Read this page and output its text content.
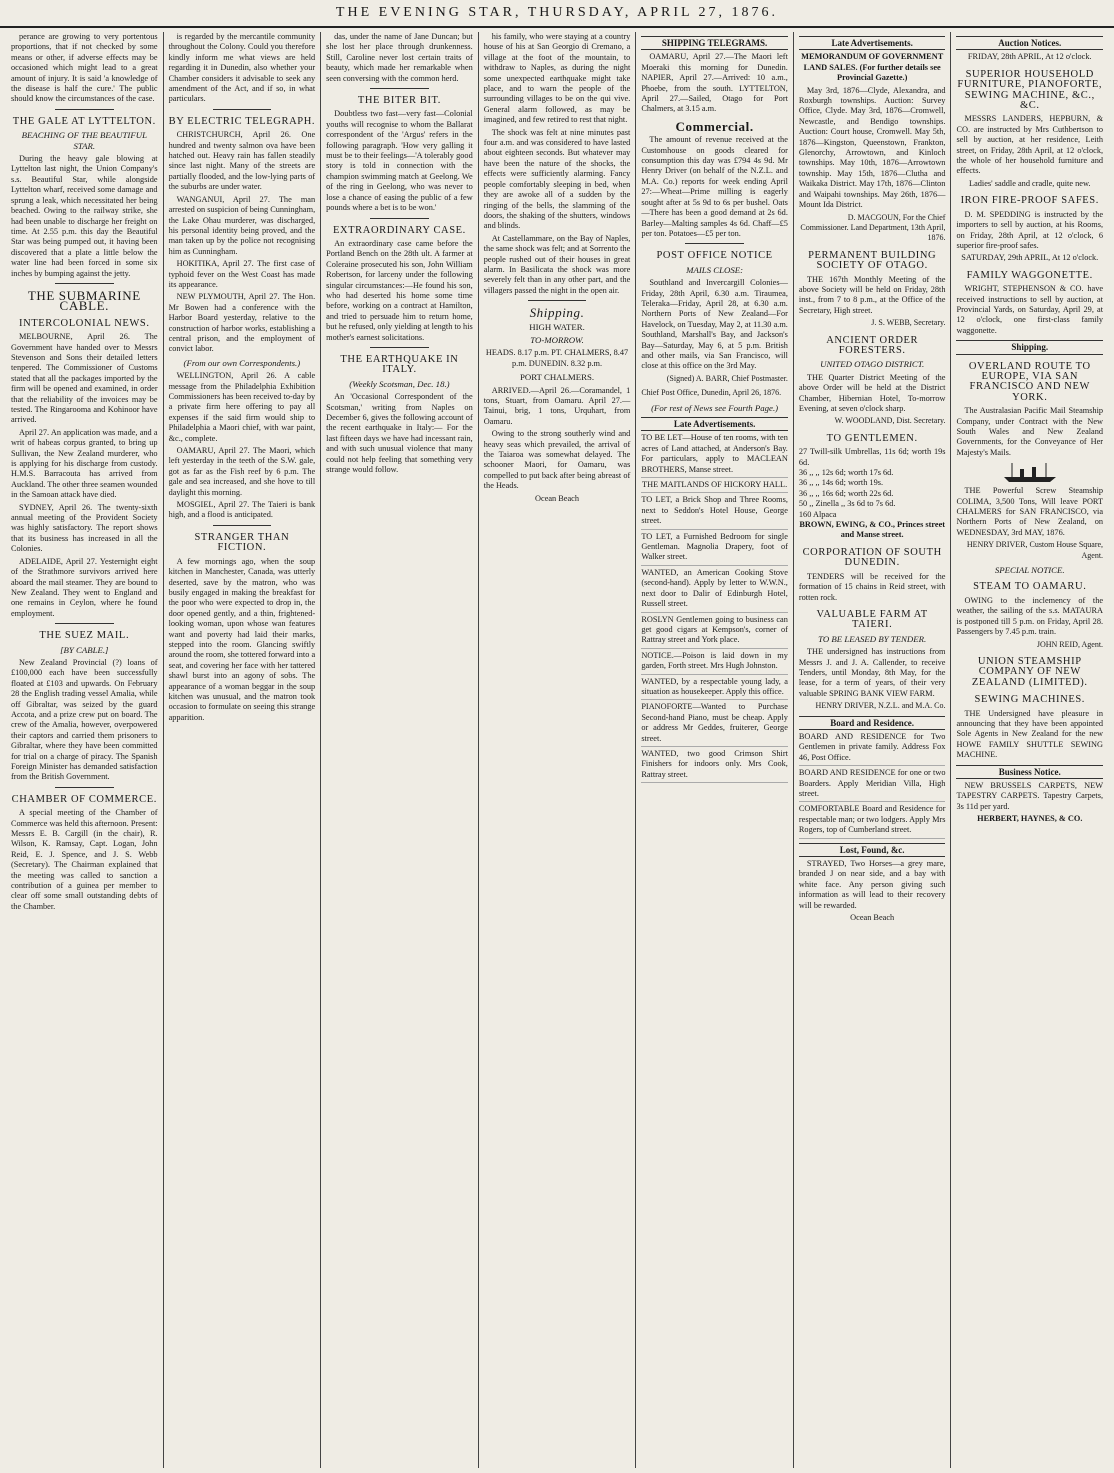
THE EVENING STAR, THURSDAY, APRIL 27, 1876.

perance are growing to very portentous proportions, that if not checked by some means or other, if adverse effects may be occasioned which might lead to a great amount of injury. It is said 'a knowledge of the disease is half the cure.' The public should know the circumstances of the case.

THE GALE AT LYTTELTON.
BEACHING OF THE BEAUTIFUL STAR.

During the heavy gale blowing at Lyttelton last night, the Union Company's s.s. Beautiful Star, while alongside Lyttelton wharf, received some damage and sprung a leak, which necessitated her being beached. Owing to the railway strike, she had been unable to discharge her freight on time. At 2.55 p.m. this day the Beautiful Star was being pumped out, it having been discovered that a plate a little below the water line had been forced in some six inches by bumping against the jetty.

THE SUBMARINE CABLE.
INTERCOLONIAL NEWS.

MELBOURNE, April 26. The Government have handed over to Messrs Stevenson and Sons their detailed letters tenpered. The Commissioner of Customs stated that all the packages imported by the firm will be opened and examined, in order that the reliability of the invoices may be tested. The Ringarooma and Kohinoor have arrived.

April 27. An application was made, and a writ of habeas corpus granted, to bring up Sullivan, the New Zealand murderer, who is applying for his discharge from custody. H.M.S. Barracouta has arrived from Auckland. The other three seamen wounded in the Samoan attack have died.

SYDNEY, April 26. The twenty-sixth annual meeting of the Provident Society was highly satisfactory. The report shows that its business has increased in all the Colonies.

ADELAIDE, April 27. Yesternight eight of the Strathmore survivors arrived here aboard the mail steamer. They are bound to New Zealand. They went to England and one remains in Ceylon, where he found employment.

THE SUEZ MAIL.
[BY CABLE.]

New Zealand Provincial (?) loans of £100,000 each have been successfully floated at £103 and upwards. On February 28 the English trading vessel Amalia, while off Gibraltar, was seized by the guard Accota, and a prize crew put on board. The crew of the Amalia, however, overpowered their captors and carried them prisoners to Gibraltar, where they have been committed for trial on a charge of piracy. The Spanish Foreign Minister has demanded satisfaction from the British Government.

CHAMBER OF COMMERCE.

A special meeting of the Chamber of Commerce was held this afternoon. Present: Messrs E. B. Cargill (in the chair), R. Wilson, K. Ramsay, Capt. Logan, John Reid, E. J. Spence, and J. S. Webb (Secretary). The Chairman explained that the meeting was called to sanction a contribution of a guinea per member to clear off some small outstanding debts of the Chamber.

is regarded by the mercantile community throughout the Colony. Could you therefore kindly inform me what views are held regarding it in Dunedin, also whether your Chamber considers it advisable to seek any amendment of the Act, and if so, in what particulars.

BY ELECTRIC TELEGRAPH.

CHRISTCHURCH, April 26. One hundred and twenty salmon ova have been hatched out. Heavy rain has fallen steadily since last night. Many of the streets are partially flooded, and the low-lying parts of the suburbs are under water.

WANGANUI, April 27. The man arrested on suspicion of being Cunningham, the Lake Ohau murderer, was discharged, his personal identity being proved, and the man taken up by the police not recognising him as Cunningham.

HOKITIKA, April 27. The first case of typhoid fever on the West Coast has made its appearance.

NEW PLYMOUTH, April 27. The Hon. Mr Bowen had a conference with the Harbor Board yesterday, relative to the construction of harbor works, establishing a central prison, and the employment of convict labor.

(From our own Correspondents.)

WELLINGTON, April 26. A cable message from the Philadelphia Exhibition Commissioners has been received to-day by a private firm here offering to pay all expenses if the said firm would ship to Philadelphia a Maori chief, with war paint, &c., complete.

OAMARU, April 27. The Maori, which left yesterday in the teeth of the S.W. gale, got as far as the Fish reef by 6 p.m. The gale and sea increased, and she hove to till daylight this morning.

MOSGIEL, April 27. The Taieri is bank high, and a flood is anticipated.

STRANGER THAN FICTION.

A few mornings ago, when the soup kitchen in Manchester, Canada, was utterly deserted, save by the matron, who was busily engaged in making the breakfast for the poor who were expected to drop in, the door opened gently, and a thin, frightened-looking woman, upon whose wan features want and poverty had laid their marks, stepped into the room. Glancing swiftly around the room, she tottered forward into a seat, and covering her face with her tattered shawl burst into an agony of sobs. The appearance of a woman beggar in the soup kitchen was unusual, and the matron took occasion to formulate on seeing this strange apparition.

das, under the name of Jane Duncan; but she lost her place through drunkenness. Still, Caroline never lost certain traits of beauty, which made her remarkable when seen conversing with the common herd.

THE BITER BIT.

Doubtless two fast—very fast—Colonial youths will recognise to whom the Ballarat correspondent of the 'Argus' refers in the following paragraph. 'How very galling it must be to their feelings—'A tolerably good story is told in connection with the champion swimming match at Geelong. We of the ring in Geelong, who was never to lose a chance of easing the public of a few pounds where a bet is to be won.'

EXTRAORDINARY CASE.

An extraordinary case came before the Portland Bench on the 28th ult. A farmer at Coleraine prosecuted his son, John William Robertson, for larceny under the following singular circumstances:—He found his son, who had deserted his home some time before, working on a contract at Hamilton, and tried to persuade him to return home, but he refused, only yielding at length to his mother's earnest solicitations.

THE EARTHQUAKE IN ITALY.
(Weekly Scotsman, Dec. 18.)

An 'Occasional Correspondent of the Scotsman,' writing from Naples on December 6, gives the following account of the recent earthquake in Italy:— For the last fifteen days we have had incessant rain, and with such unusual violence that many could not help feeling that something very strange would follow.

his family, who were staying at a country house of his at San Georgio di Cremano, a village at the foot of the mountain, to withdraw to Naples, as during the night some unexpected earthquake might take place, and to warn the people of the surrounding villages to be on the qui vive. General alarm followed, as may be imagined, and few retired to rest that night.

The shock was felt at nine minutes past four a.m. and was considered to have lasted about eighteen seconds. But whatever may have been the nature of the shocks, the effects were sufficiently alarming. Fancy people comfortably sleeping in bed, when they are awoke all of a sudden by the ringing of the bells, the slamming of the doors, the shaking of the shutters, windows and blinds.

At Castellammare, on the Bay of Naples, the same shock was felt; and at Sorrento the people rushed out of their houses in great alarm. In Basilicata the shock was more severely felt than in any other part, and the villagers passed the night in the open air.

Shipping.
HIGH WATER.
TO-MORROW.

HEADS. 8.17 p.m. PT. CHALMERS, 8.47 p.m. DUNEDIN. 8.32 p.m.

PORT CHALMERS.

ARRIVED.—April 26.—Coramandel, 1 tons, Stuart, from Oamaru. April 27.—Tainui, brig, 1 tons, Urquhart, from Oamaru.

Owing to the strong southerly wind and heavy seas which prevailed, the arrival of the Taiaroa was somewhat delayed. The schooner Maori, for Oamaru, was compelled to put back after being abreast of the Heads.

Ocean Beach

SHIPPING TELEGRAMS.

OAMARU, April 27.—The Maori left Moeraki this morning for Dunedin. NAPIER, April 27.—Arrived: 10 a.m., Phoebe, from the south. LYTTELTON, April 27.—Sailed, Otago for Port Chalmers, at 3.15 a.m.

Commercial.

The amount of revenue received at the Customhouse on goods cleared for consumption this day was £794 4s 9d. Mr Henry Driver (on behalf of the N.Z.L. and M.A. Co.) reports for week ending April 27:—Wheat—Prime milling is eagerly sought after at 5s 9d to 6s per bushel. Oats—There has been a good demand at 2s 6d. Barley—Malting samples 4s 6d. Chaff—£5 per ton. Potatoes—£5 per ton.

POST OFFICE NOTICE
MAILS CLOSE:

Southland and Invercargill Colonies—Friday, 28th April, 6.30 a.m. Tiraumea, Teleraka—Friday, April 28, at 6.30 a.m. Northern Ports of New Zealand—For Havelock, on Tuesday, May 2, at 11.30 a.m. Southland, Marshall's Bay, and Jackson's Bay—Saturday, May 6, at 5 p.m. British and other mails, via San Francisco, will close at this office on the 3rd May.

(Signed) A. BARR, Chief Postmaster.
Chief Post Office, Dunedin, April 26, 1876.
(For rest of News see Fourth Page.)
Late Advertisements.

TO BE LET—House of ten rooms, with ten acres of Land attached, at Anderson's Bay. For particulars, apply to MACLEAN BROTHERS, Manse street.

THE MAITLANDS OF HICKORY HALL.

TO LET, a Brick Shop and Three Rooms, next to Seddon's Hotel House, George street.

TO LET, a Furnished Bedroom for single Gentleman. Magnolia Drapery, foot of Walker street.

WANTED, an American Cooking Stove (second-hand). Apply by letter to W.W.N., next door to Dalir of Edinburgh Hotel, Russell street.

ROSLYN Gentlemen going to business can get good cigars at Kempson's, corner of Rattray street and York place.

NOTICE.—Poison is laid down in my garden, Forth street. Mrs Hugh Johnston.

WANTED, by a respectable young lady, a situation as housekeeper. Apply this office.

PIANOFORTE—Wanted to Purchase Second-hand Piano, must be cheap. Apply or address Mr Geddes, fruiterer, George street.

WANTED, two good Crimson Shirt Finishers for indoors only. Mrs Cook, Rattray street.

Late Advertisements.

MEMORANDUM OF GOVERNMENT LAND SALES. (For further details see Provincial Gazette.)

May 3rd, 1876—Clyde, Alexandra, and Roxburgh townships. Auction: Survey Office, Clyde. May 3rd, 1876—Cromwell, Newcastle, and Bendigo townships. Auction: Court house, Cromwell. May 5th, 1876—Kingston, Queenstown, Frankton, Glenorchy, Arrowtown, and Kinloch townships. May 10th, 1876—Arrowtown township. May 15th, 1876—Clutha and Waikaka District. May 17th, 1876—Clinton and Waipahi townships. May 26th, 1876—Mount Ida District.

D. MACGOUN, For the Chief Commissioner. Land Department, 13th April, 1876.
PERMANENT BUILDING SOCIETY OF OTAGO.

THE 167th Monthly Meeting of the above Society will be held on Friday, 28th inst., from 7 to 8 p.m., at the Office of the Secretary, High street.

J. S. WEBB, Secretary.
ANCIENT ORDER FORESTERS.
UNITED OTAGO DISTRICT.

THE Quarter District Meeting of the above Order will be held at the District Chamber, Hibernian Hotel, To-morrow Evening, at seven o'clock sharp.

W. WOODLAND, Dist. Secretary.
TO GENTLEMEN.
27 Twill-silk Umbrellas, 11s 6d; worth 19s 6d.
36 ,, ,, 12s 6d; worth 17s 6d.
36 ,, ,, 14s 6d; worth 19s.
36 ,, ,, 16s 6d; worth 22s 6d.
50 ,, Zinella ,, 3s 6d to 7s 6d.
160 Alpaca

BROWN, EWING, & CO., Princes street and Manse street.

CORPORATION OF SOUTH DUNEDIN.

TENDERS will be received for the formation of 15 chains in Reid street, with rotten rock.

VALUABLE FARM AT TAIERI.
TO BE LEASED BY TENDER.

THE undersigned has instructions from Messrs J. and J. A. Callender, to receive Tenders, until Monday, 8th May, for the lease, for a term of years, of their very valuable SPRING BANK VIEW FARM.

HENRY DRIVER, N.Z.L. and M.A. Co.
Board and Residence.

BOARD AND RESIDENCE for Two Gentlemen in private family. Address Fox 46, Post Office.

BOARD AND RESIDENCE for one or two Boarders. Apply Meridian Villa, High street.

COMFORTABLE Board and Residence for respectable man; or two lodgers. Apply Mrs Rogers, top of Cumberland street.

Lost, Found, &c.

STRAYED, Two Horses—a grey mare, branded J on near side, and a bay with white face. Any person giving such information as will lead to their recovery will be rewarded.

Ocean Beach

Auction Notices.

FRIDAY, 28th APRIL, At 12 o'clock.

SUPERIOR HOUSEHOLD FURNITURE, PIANOFORTE, SEWING MACHINE, &C., &C.

MESSRS LANDERS, HEPBURN, & CO. are instructed by Mrs Cuthbertson to sell by auction, at her residence, Leith street, on Friday, 28th April, at 12 o'clock, the whole of her household furniture and effects.

Ladies' saddle and cradle, quite new.

IRON FIRE-PROOF SAFES.

D. M. SPEDDING is instructed by the importers to sell by auction, at his Rooms, on Friday, 28th April, at 12 o'clock, 6 superior fire-proof safes.

SATURDAY, 29th APRIL, At 12 o'clock.

FAMILY WAGGONETTE.

WRIGHT, STEPHENSON & CO. have received instructions to sell by auction, at Provincial Yards, on Saturday, April 29, at 12 o'clock, one first-class family waggonette.

Shipping.
OVERLAND ROUTE TO EUROPE, VIA SAN FRANCISCO AND NEW YORK.

The Australasian Pacific Mail Steamship Company, under Contract with the New South Wales and New Zealand Governments, for the Conveyance of Her Majesty's Mails.

THE Powerful Screw Steamship COLIMA, 3,500 Tons, Will leave PORT CHALMERS for SAN FRANCISCO, via Northern Ports of New Zealand, on WEDNESDAY, 3rd MAY, 1876.

HENRY DRIVER, Custom House Square, Agent.
SPECIAL NOTICE.
STEAM TO OAMARU.

OWING to the inclemency of the weather, the sailing of the s.s. MATAURA is postponed till 5 p.m. on Friday, April 28. Passengers by 7.45 p.m. train.

JOHN REID, Agent.
UNION STEAMSHIP COMPANY OF NEW ZEALAND (LIMITED).
SEWING MACHINES.

THE Undersigned have pleasure in announcing that they have been appointed Sole Agents in New Zealand for the new HOWE FAMILY SHUTTLE SEWING MACHINE.

Business Notice.

NEW BRUSSELS CARPETS, NEW TAPESTRY CARPETS. Tapestry Carpets, 3s 11d per yard.

HERBERT, HAYNES, & CO.
